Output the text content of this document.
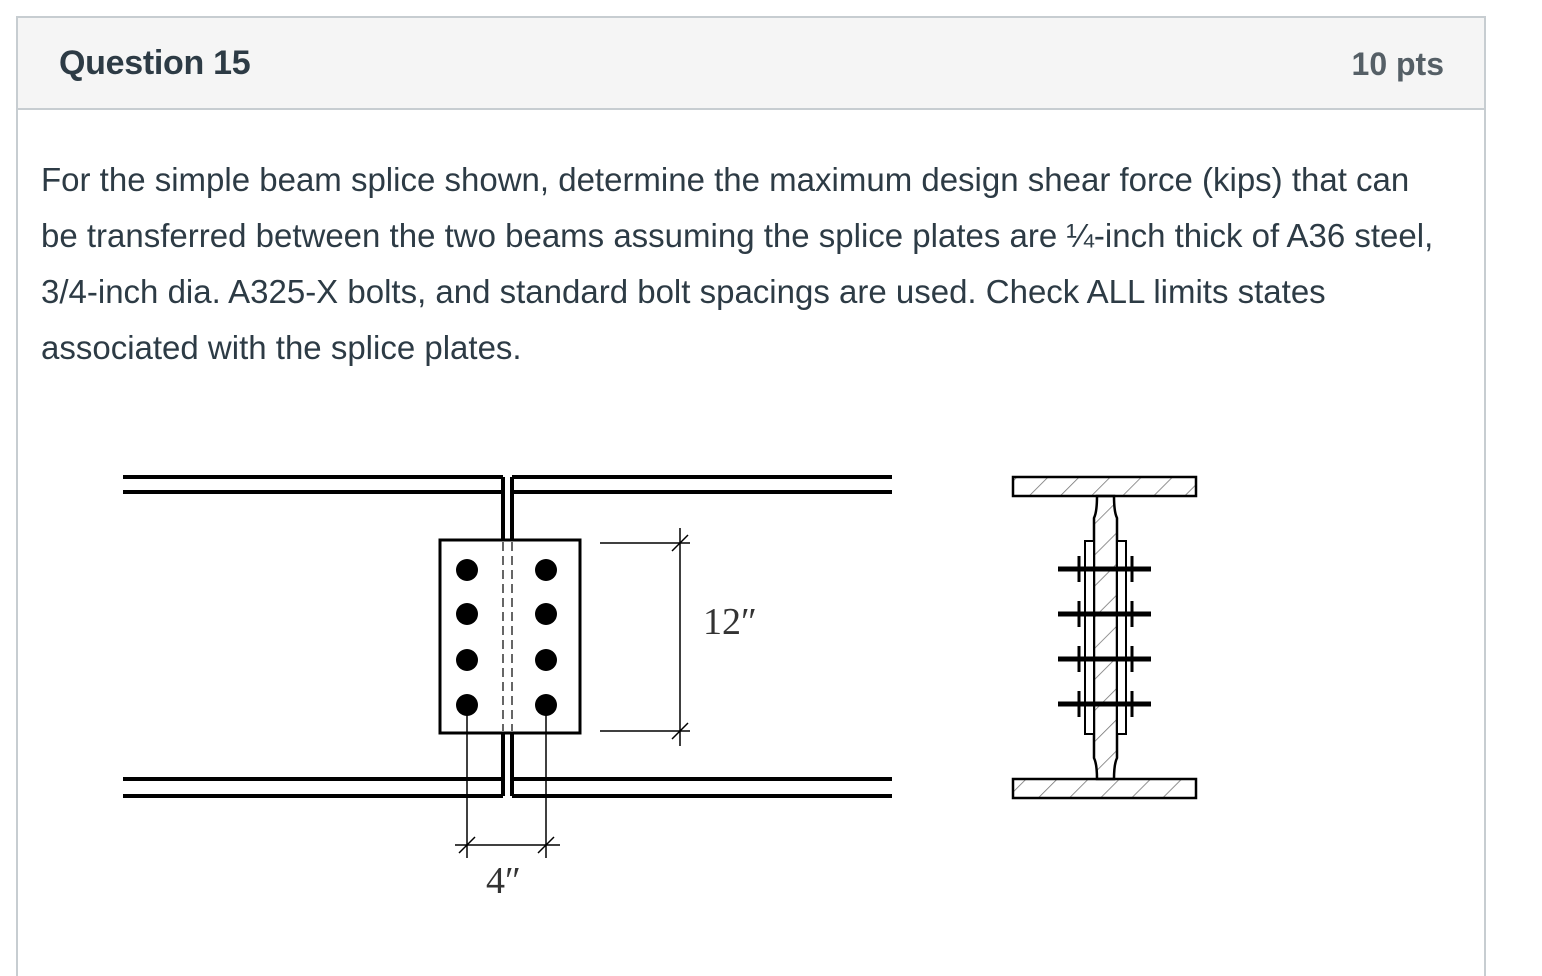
Question 15	10 pts

For the simple beam splice shown, determine the maximum design shear force (kips) that can be transferred between the two beams assuming the splice plates are ¼-inch thick of A36 steel, 3/4-inch dia. A325-X bolts, and standard bolt spacings are used. Check ALL limits states associated with the splice plates.

12″
4″
